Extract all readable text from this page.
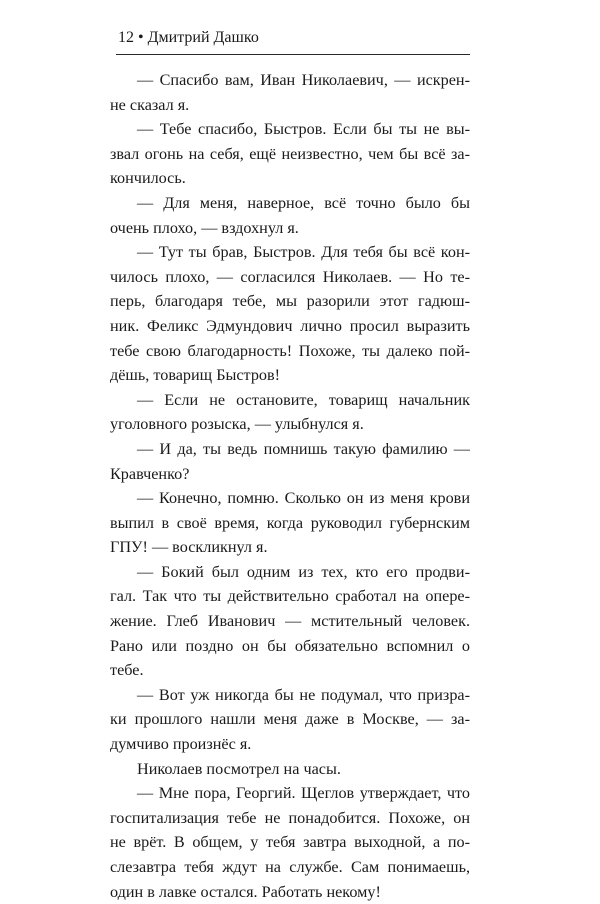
12 • Дмитрий Дашко
— Спасибо вам, Иван Николаевич, — искрен-
не сказал я.
— Тебе спасибо, Быстров. Если бы ты не вы-
звал огонь на себя, ещё неизвестно, чем бы всё за-
кончилось.
— Для меня, наверное, всё точно было бы
очень плохо, — вздохнул я.
— Тут ты брав, Быстров. Для тебя бы всё кон-
чилось плохо, — согласился Николаев. — Но те-
перь, благодаря тебе, мы разорили этот гадюш-
ник. Феликс Эдмундович лично просил выразить
тебе свою благодарность! Похоже, ты далеко пой-
дёшь, товарищ Быстров!
— Если не остановите, товарищ начальник
уголовного розыска, — улыбнулся я.
— И да, ты ведь помнишь такую фамилию —
Кравченко?
— Конечно, помню. Сколько он из меня крови
выпил в своё время, когда руководил губернским
ГПУ! — воскликнул я.
— Бокий был одним из тех, кто его продви-
гал. Так что ты действительно сработал на опере-
жение. Глеб Иванович — мстительный человек.
Рано или поздно он бы обязательно вспомнил о
тебе.
— Вот уж никогда бы не подумал, что призра-
ки прошлого нашли меня даже в Москве, — за-
думчиво произнёс я.
Николаев посмотрел на часы.
— Мне пора, Георгий. Щеглов утверждает, что
госпитализация тебе не понадобится. Похоже, он
не врёт. В общем, у тебя завтра выходной, а по-
слезавтра тебя ждут на службе. Сам понимаешь,
один в лавке остался. Работать некому!
